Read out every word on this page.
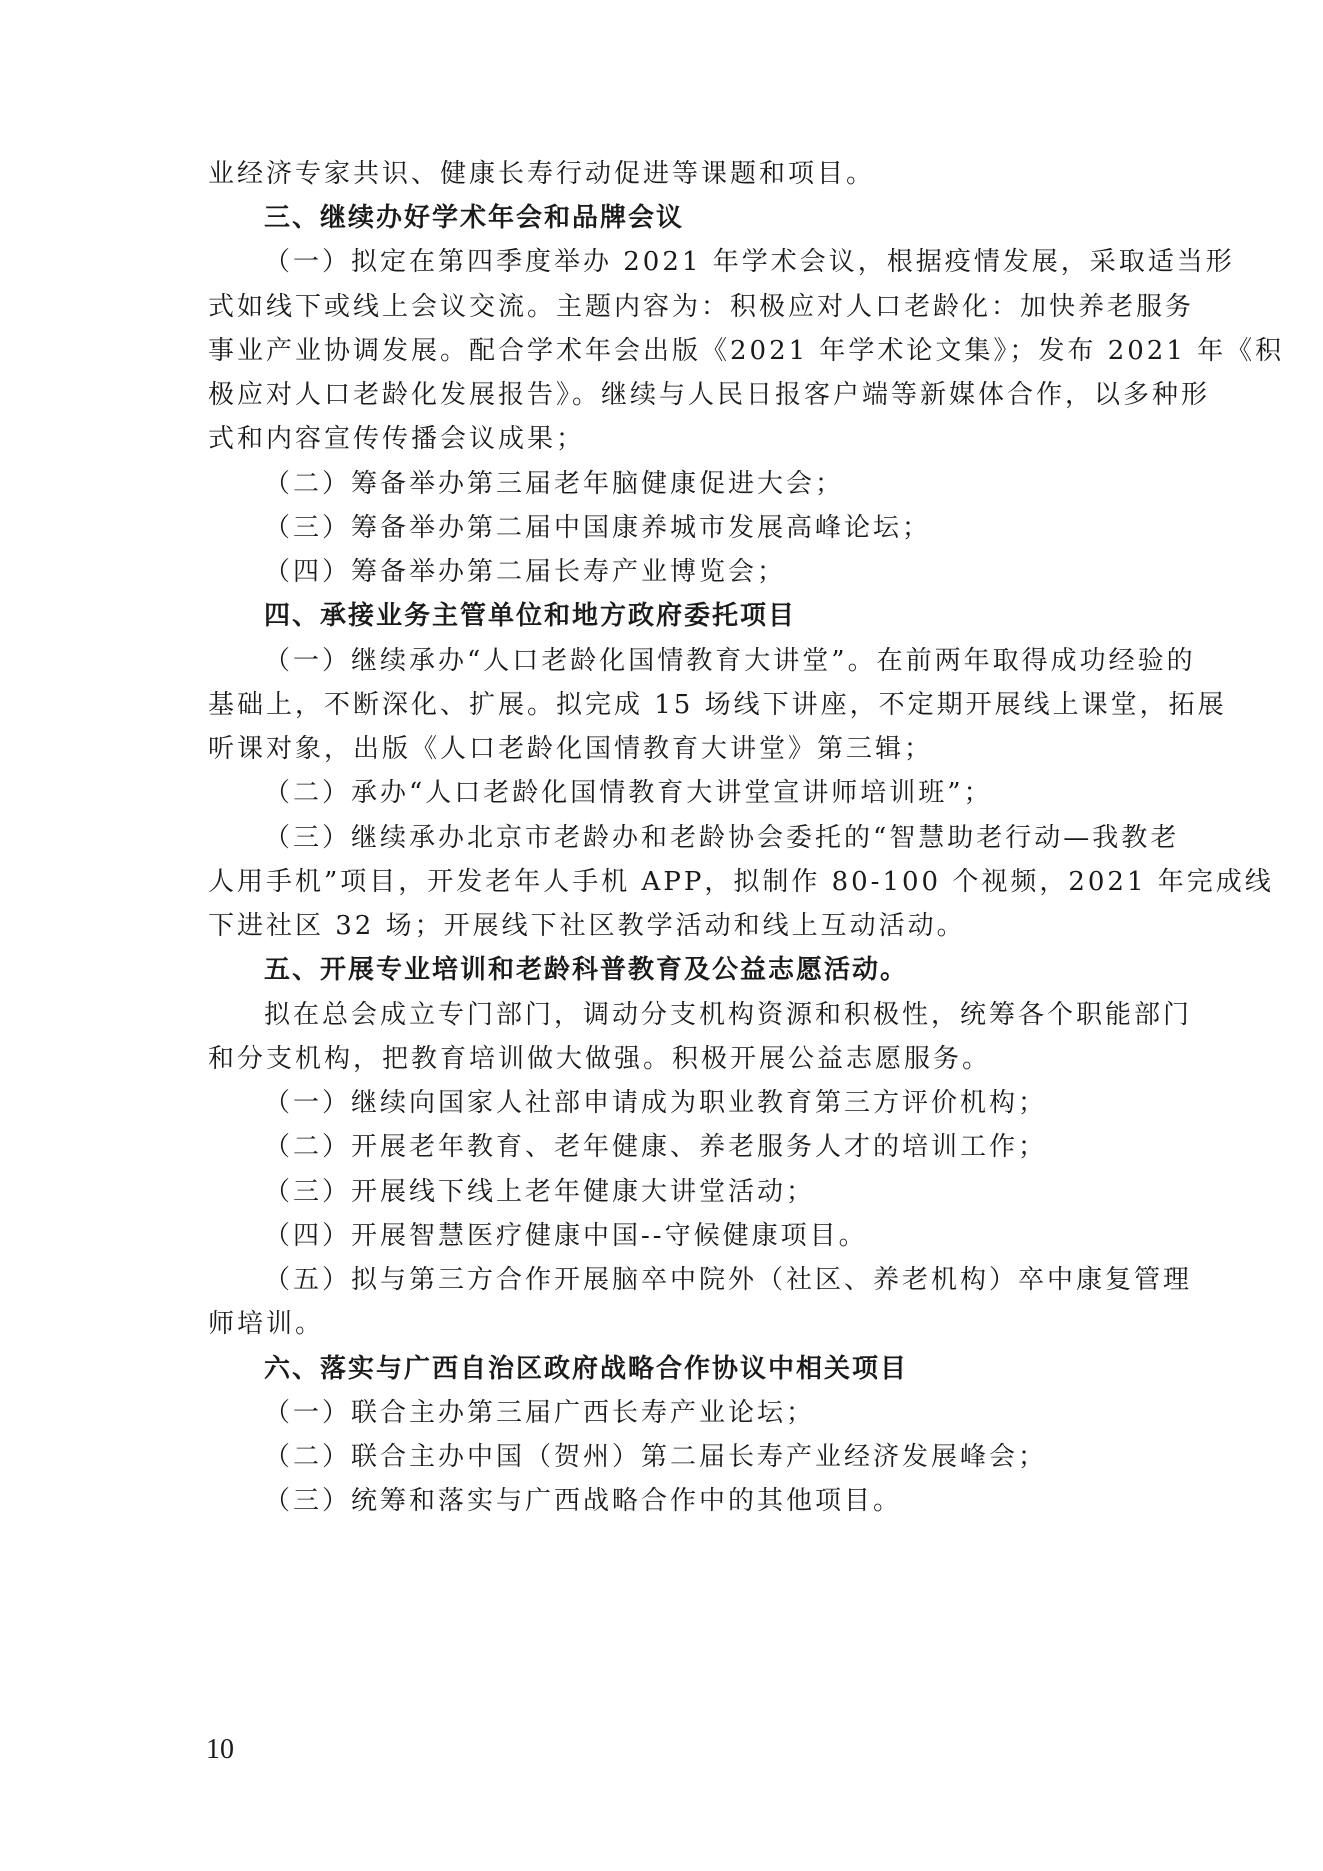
业经济专家共识、健康长寿行动促进等课题和项目。
三、继续办好学术年会和品牌会议
（一）拟定在第四季度举办 2021 年学术会议，根据疫情发展，采取适当形
式如线下或线上会议交流。主题内容为：积极应对人口老龄化：加快养老服务
事业产业协调发展。配合学术年会出版《2021 年学术论文集》；发布 2021 年《积
极应对人口老龄化发展报告》。继续与人民日报客户端等新媒体合作，以多种形
式和内容宣传传播会议成果；
（二）筹备举办第三届老年脑健康促进大会；
（三）筹备举办第二届中国康养城市发展高峰论坛；
（四）筹备举办第二届长寿产业博览会；
四、承接业务主管单位和地方政府委托项目
（一）继续承办“人口老龄化国情教育大讲堂”。在前两年取得成功经验的
基础上，不断深化、扩展。拟完成 15 场线下讲座，不定期开展线上课堂，拓展
听课对象，出版《人口老龄化国情教育大讲堂》第三辑；
（二）承办“人口老龄化国情教育大讲堂宣讲师培训班”；
（三）继续承办北京市老龄办和老龄协会委托的“智慧助老行动—我教老
人用手机”项目，开发老年人手机 APP，拟制作 80-100 个视频，2021 年完成线
下进社区 32 场；开展线下社区教学活动和线上互动活动。
五、开展专业培训和老龄科普教育及公益志愿活动。
拟在总会成立专门部门，调动分支机构资源和积极性，统筹各个职能部门
和分支机构，把教育培训做大做强。积极开展公益志愿服务。
（一）继续向国家人社部申请成为职业教育第三方评价机构；
（二）开展老年教育、老年健康、养老服务人才的培训工作；
（三）开展线下线上老年健康大讲堂活动；
（四）开展智慧医疗健康中国--守候健康项目。
（五）拟与第三方合作开展脑卒中院外（社区、养老机构）卒中康复管理
师培训。
六、落实与广西自治区政府战略合作协议中相关项目
（一）联合主办第三届广西长寿产业论坛；
（二）联合主办中国（贺州）第二届长寿产业经济发展峰会；
（三）统筹和落实与广西战略合作中的其他项目。
10
